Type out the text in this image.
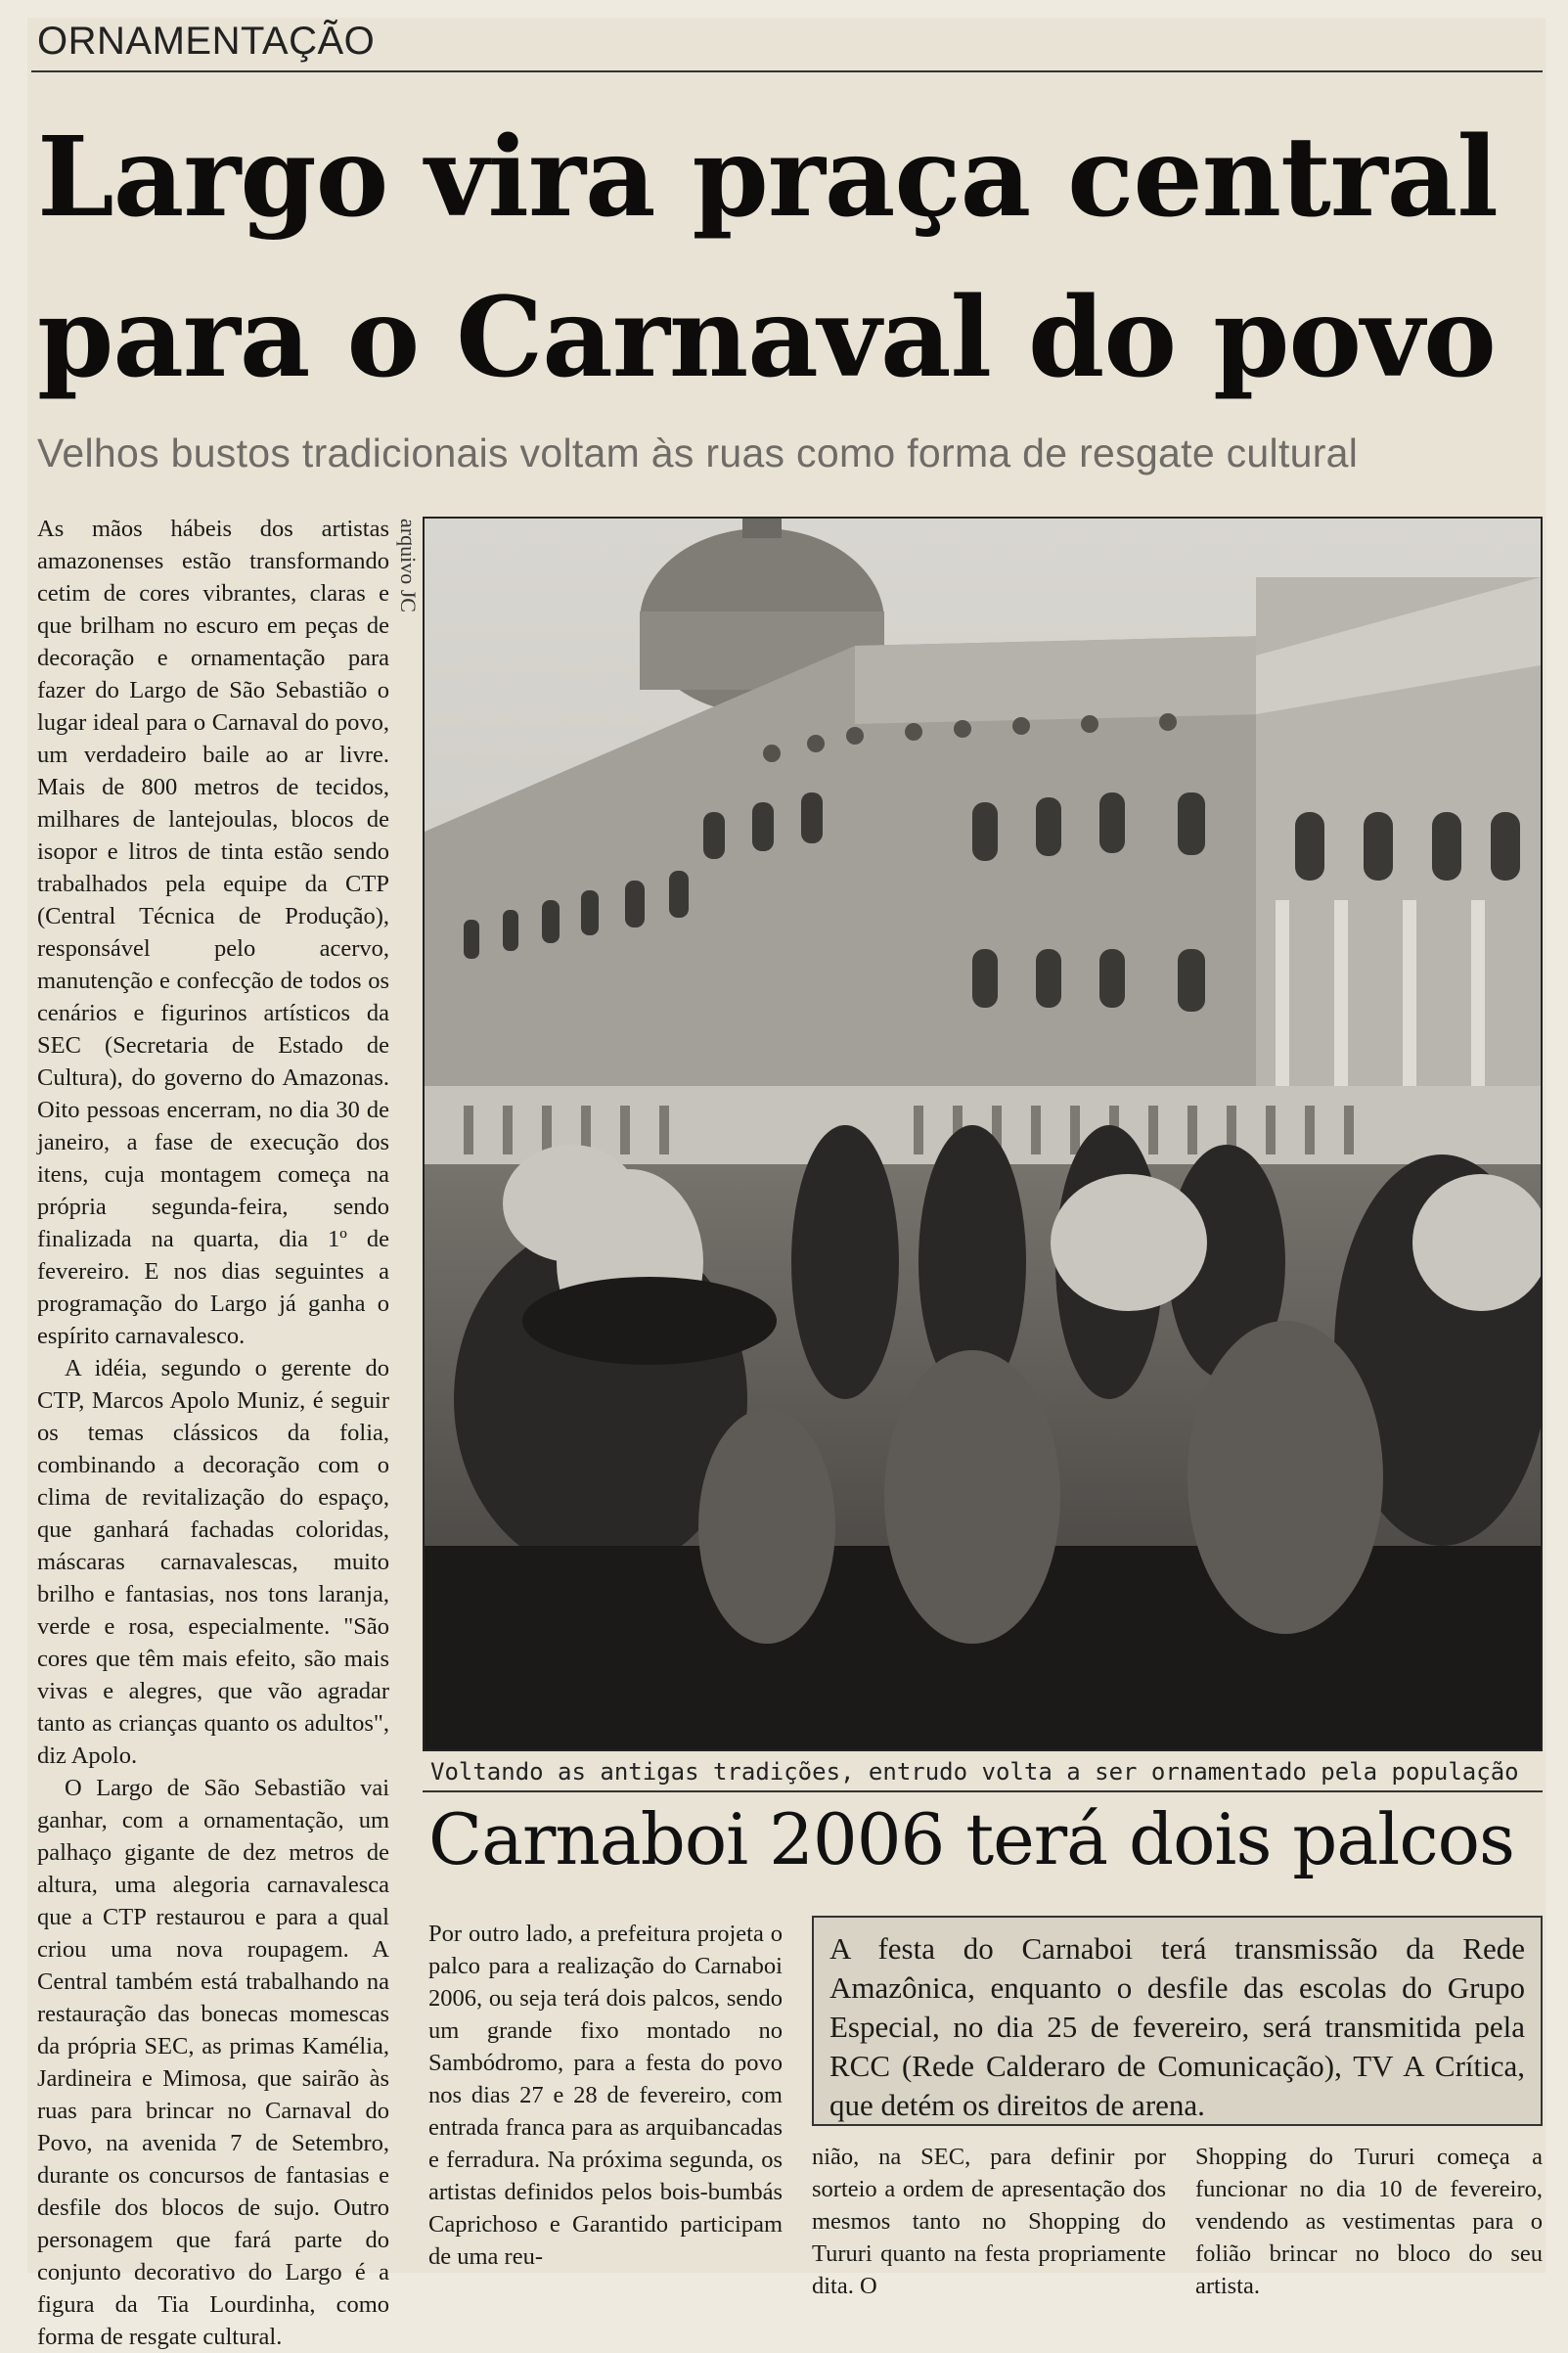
ORNAMENTAÇÃO
Largo vira praça central para o Carnaval do povo
Velhos bustos tradicionais voltam às ruas como forma de resgate cultural

As mãos hábeis dos artistas amazonenses estão transformando cetim de cores vibrantes, claras e que brilham no escuro em peças de decoração e ornamentação para fazer do Largo de São Sebastião o lugar ideal para o Carnaval do povo, um verdadeiro baile ao ar livre. Mais de 800 metros de tecidos, milhares de lantejoulas, blocos de isopor e litros de tinta estão sendo trabalhados pela equipe da CTP (Central Técnica de Produção), responsável pelo acervo, manutenção e confecção de todos os cenários e figurinos artísticos da SEC (Secretaria de Estado de Cultura), do governo do Amazonas. Oito pessoas encerram, no dia 30 de janeiro, a fase de execução dos itens, cuja montagem começa na própria segunda-feira, sendo finalizada na quarta, dia 1º de fevereiro. E nos dias seguintes a programação do Largo já ganha o espírito carnavalesco.

A idéia, segundo o gerente do CTP, Marcos Apolo Muniz, é seguir os temas clássicos da folia, combinando a decoração com o clima de revitalização do espaço, que ganhará fachadas coloridas, máscaras carnavalescas, muito brilho e fantasias, nos tons laranja, verde e rosa, especialmente. "São cores que têm mais efeito, são mais vivas e alegres, que vão agradar tanto as crianças quanto os adultos", diz Apolo.

O Largo de São Sebastião vai ganhar, com a ornamentação, um palhaço gigante de dez metros de altura, uma alegoria carnavalesca que a CTP restaurou e para a qual criou uma nova roupagem. A Central também está trabalhando na restauração das bonecas momescas da própria SEC, as primas Kamélia, Jardineira e Mimosa, que sairão às ruas para brincar no Carnaval do Povo, na avenida 7 de Setembro, durante os concursos de fantasias e desfile dos blocos de sujo. Outro personagem que fará parte do conjunto decorativo do Largo é a figura da Tia Lourdinha, como forma de resgate cultural.

arquivo JC
Voltando as antigas tradições, entrudo volta a ser ornamentado pela população
Carnaboi 2006 terá dois palcos

Por outro lado, a prefeitura projeta o palco para a realização do Carnaboi 2006, ou seja terá dois palcos, sendo um grande fixo montado no Sambódromo, para a festa do povo nos dias 27 e 28 de fevereiro, com entrada franca para as arquibancadas e ferradura. Na próxima segunda, os artistas definidos pelos bois-bumbás Caprichoso e Garantido participam de uma reu-

A festa do Carnaboi terá transmissão da Rede Amazônica, enquanto o desfile das escolas do Grupo Especial, no dia 25 de fevereiro, será transmitida pela RCC (Rede Calderaro de Comunicação), TV A Crítica, que detém os direitos de arena.

nião, na SEC, para definir por sorteio a ordem de apresentação dos mesmos tanto no Shopping do Tururi quanto na festa propriamente dita. O

Shopping do Tururi começa a funcionar no dia 10 de fevereiro, vendendo as vestimentas para o folião brincar no bloco do seu artista.
